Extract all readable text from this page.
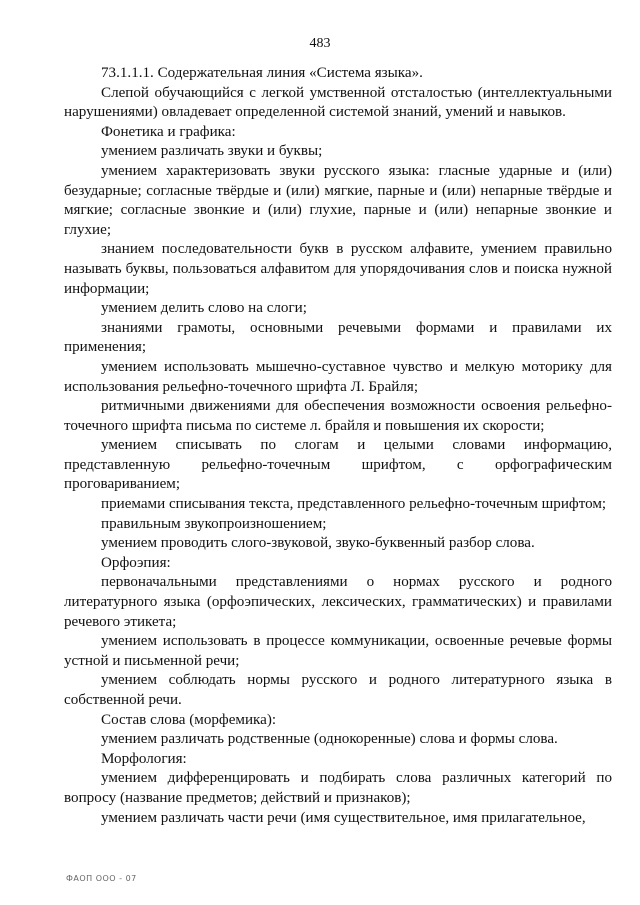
483

73.1.1.1. Содержательная линия «Система языка».

Слепой обучающийся с легкой умственной отсталостью (интеллектуальными нарушениями) овладевает определенной системой знаний, умений и навыков.

Фонетика и графика:

умением различать звуки и буквы;

умением характеризовать звуки русского языка: гласные ударные и (или) безударные; согласные твёрдые и (или) мягкие, парные и (или) непарные твёрдые и мягкие; согласные звонкие и (или) глухие, парные и (или) непарные звонкие и глухие;

знанием последовательности букв в русском алфавите, умением правильно называть буквы, пользоваться алфавитом для упорядочивания слов и поиска нужной информации;

умением делить слово на слоги;

знаниями грамоты, основными речевыми формами и правилами их применения;

умением использовать мышечно-суставное чувство и мелкую моторику для использования рельефно-точечного шрифта Л. Брайля;

ритмичными движениями для обеспечения возможности освоения рельефно-точечного шрифта письма по системе л. брайля и повышения их скорости;

умением списывать по слогам и целыми словами информацию, представленную рельефно-точечным шрифтом, с орфографическим проговариванием;

приемами списывания текста, представленного рельефно-точечным шрифтом;

правильным звукопроизношением;

умением проводить слого-звуковой, звуко-буквенный разбор слова.

Орфоэпия:

первоначальными представлениями о нормах русского и родного литературного языка (орфоэпических, лексических, грамматических) и правилами речевого этикета;

умением использовать в процессе коммуникации, освоенные речевые формы устной и письменной речи;

умением соблюдать нормы русского и родного литературного языка в собственной речи.

Состав слова (морфемика):

умением различать родственные (однокоренные) слова и формы слова.

Морфология:

умением дифференцировать и подбирать слова различных категорий по вопросу (название предметов; действий и признаков);

умением различать части речи (имя существительное, имя прилагательное,

ФАОП ООО - 07
